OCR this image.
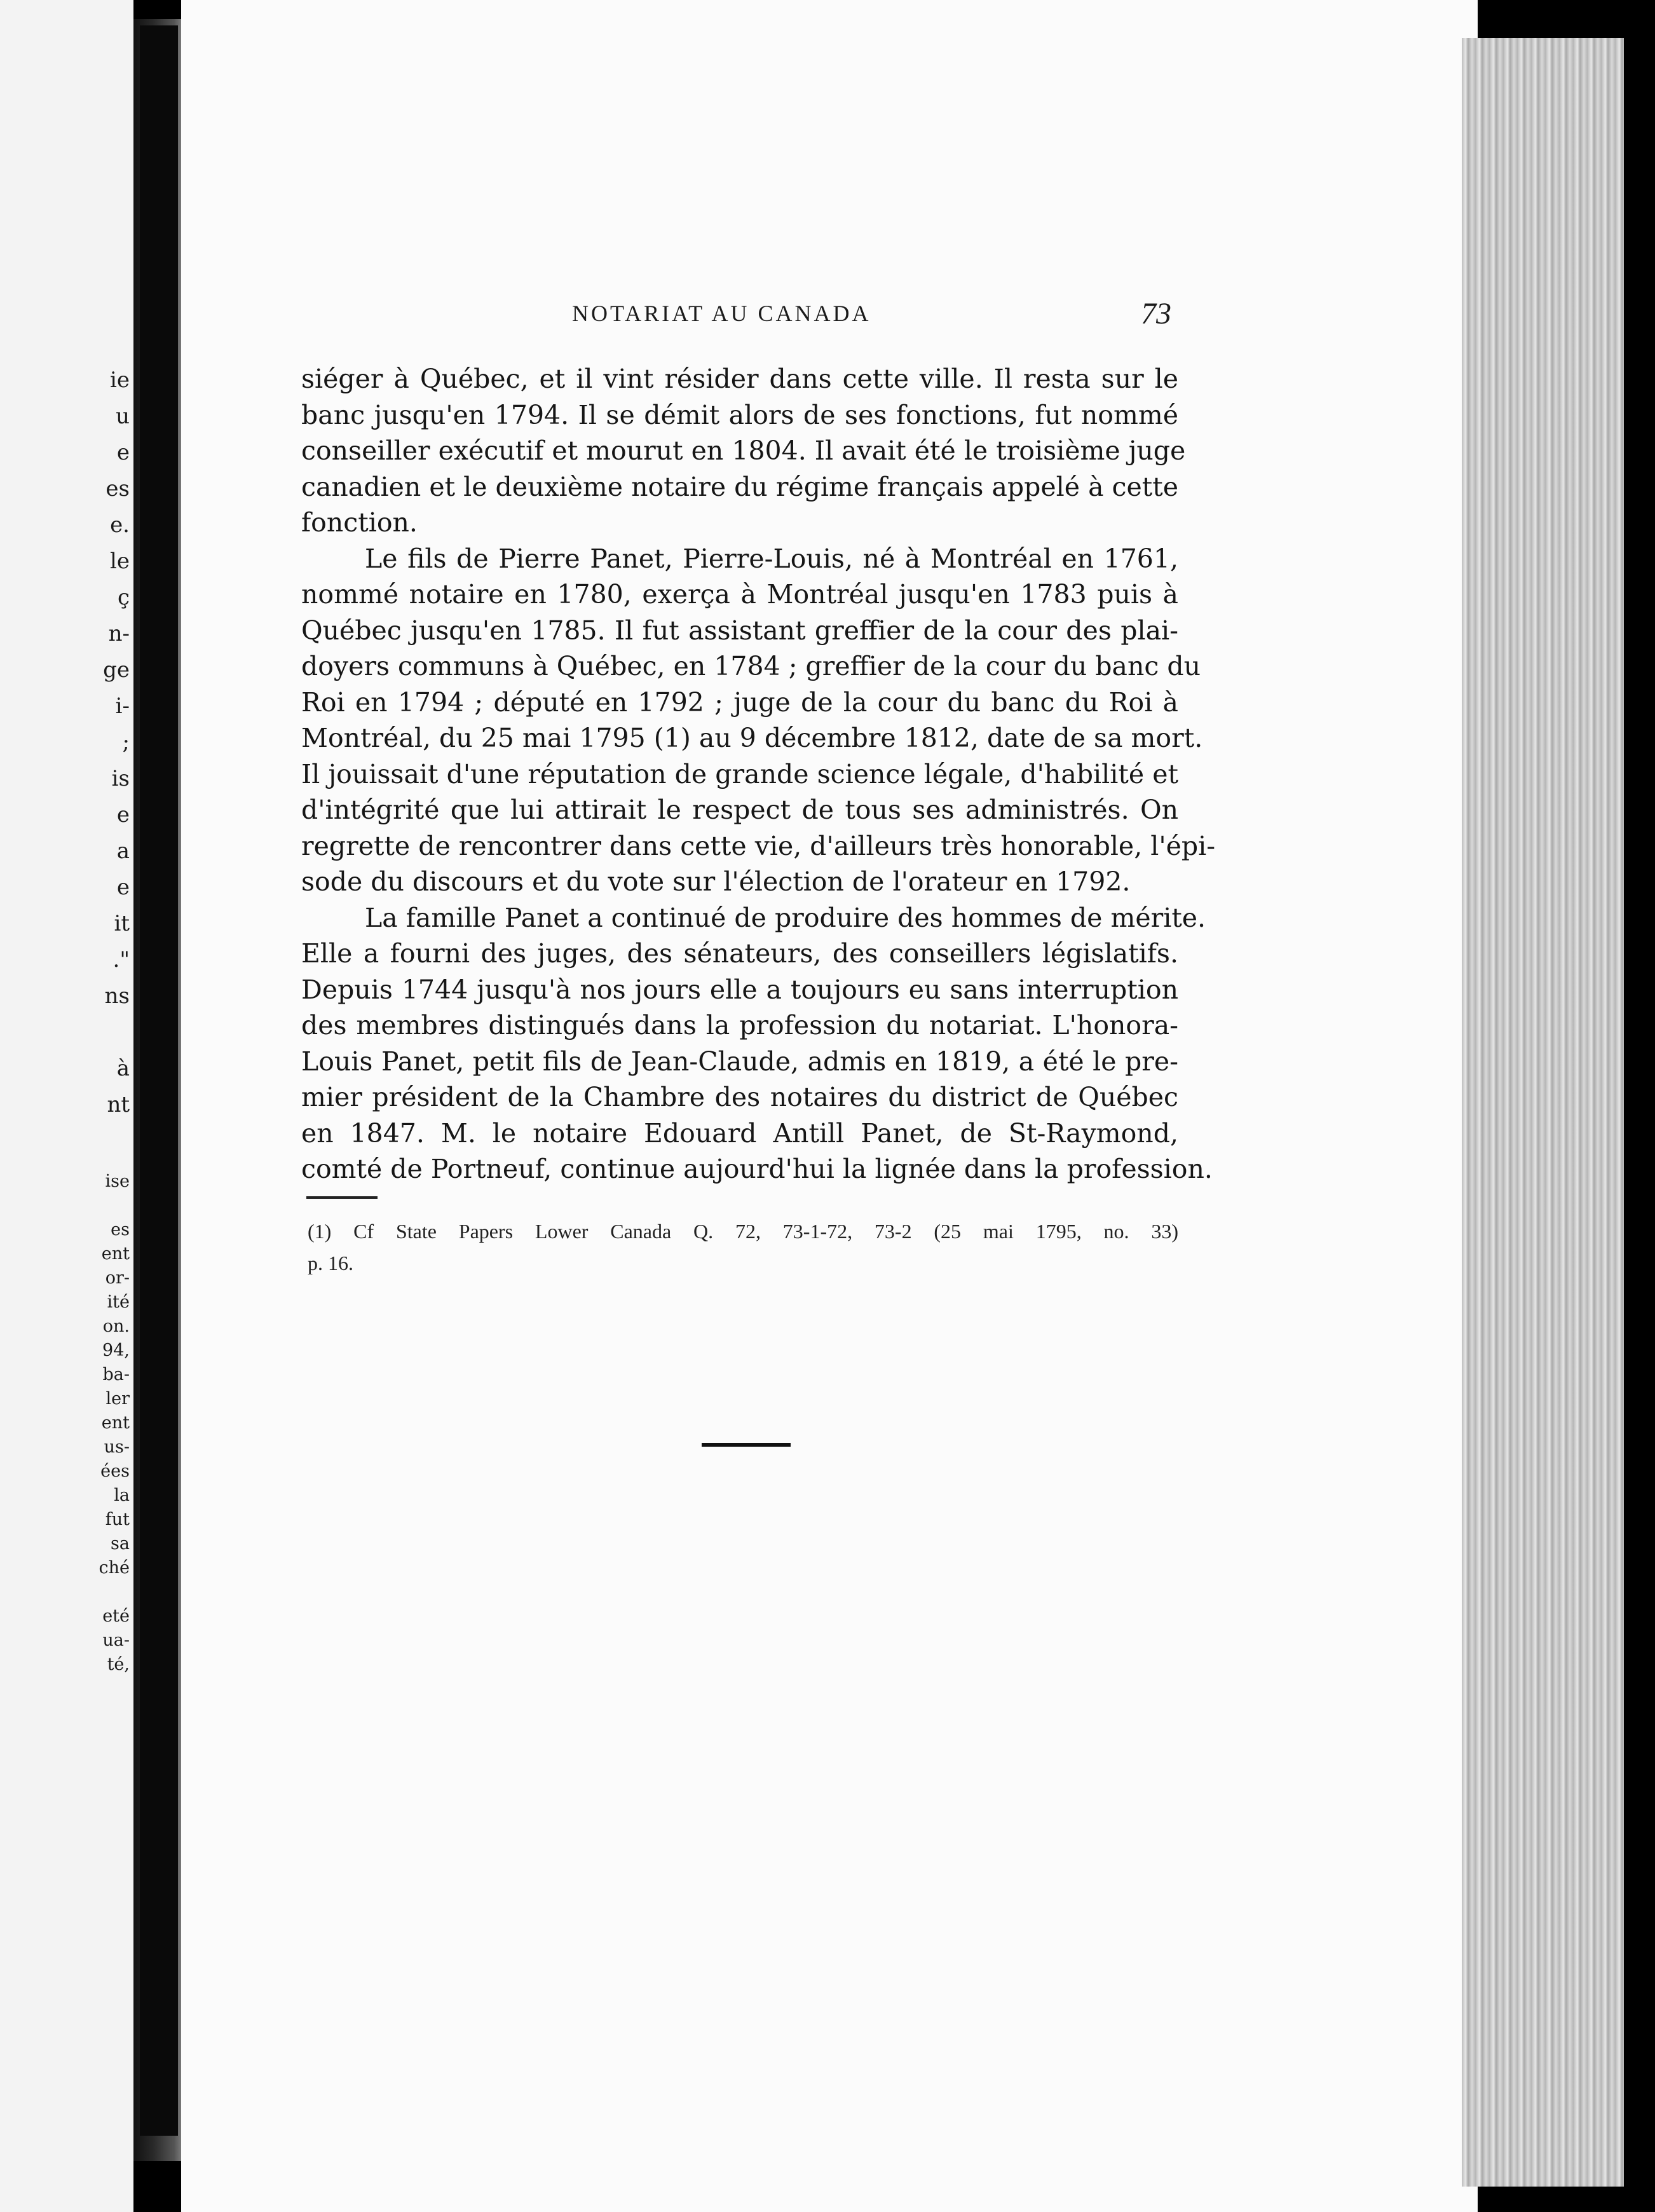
ie
u
e
es
e.
le
ç
n-
ge
i-
;
is
e
a
e
it
."
ns
à
nt
ise
es
ent
or-
ité
on.
94,
ba-
ler
ent
us-
ées
la
fut
sa
ché
eté
ua-
té,
NOTARIAT AU CANADA	73
siéger à Québec, et il vint résider dans cette ville. Il resta sur le
banc jusqu'en 1794. Il se démit alors de ses fonctions, fut nommé
conseiller exécutif et mourut en 1804. Il avait été le troisième juge
canadien et le deuxième notaire du régime français appelé à cette
fonction.
Le fils de Pierre Panet, Pierre-Louis, né à Montréal en 1761,
nommé notaire en 1780, exerça à Montréal jusqu'en 1783 puis à
Québec jusqu'en 1785. Il fut assistant greffier de la cour des plai-
doyers communs à Québec, en 1784 ; greffier de la cour du banc du
Roi en 1794 ; député en 1792 ; juge de la cour du banc du Roi à
Montréal, du 25 mai 1795 (1) au 9 décembre 1812, date de sa mort.
Il jouissait d'une réputation de grande science légale, d'habilité et
d'intégrité que lui attirait le respect de tous ses administrés. On
regrette de rencontrer dans cette vie, d'ailleurs très honorable, l'épi-
sode du discours et du vote sur l'élection de l'orateur en 1792.
La famille Panet a continué de produire des hommes de mérite.
Elle a fourni des juges, des sénateurs, des conseillers législatifs.
Depuis 1744 jusqu'à nos jours elle a toujours eu sans interruption
des membres distingués dans la profession du notariat. L'honora-
Louis Panet, petit fils de Jean-Claude, admis en 1819, a été le pre-
mier président de la Chambre des notaires du district de Québec
en 1847. M. le notaire Edouard Antill Panet, de St-Raymond,
comté de Portneuf, continue aujourd'hui la lignée dans la profession.
(1) Cf State Papers Lower Canada Q. 72, 73-1-72, 73-2 (25 mai 1795, no. 33)
p. 16.
